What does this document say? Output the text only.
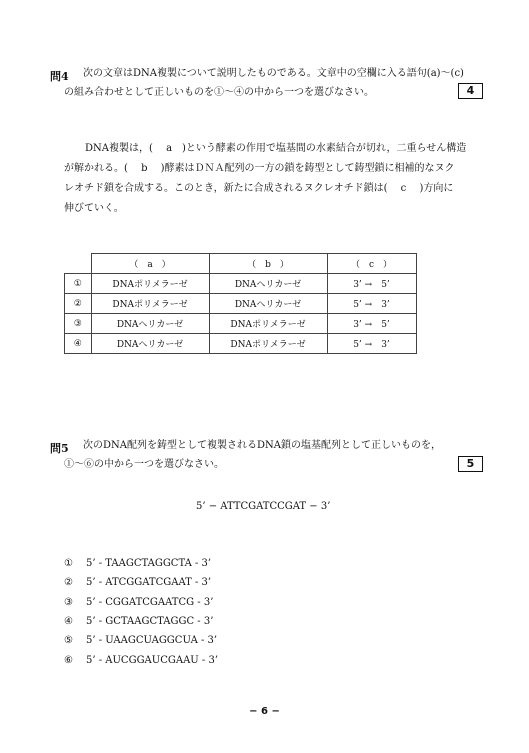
問4 次の文章はDNA複製について説明したものである。文章中の空欄に入る語句(a)〜(c)
の組み合わせとして正しいものを①〜④の中から一つを選びなさい。	4
DNA複製は，(　 a　)という酵素の作用で塩基間の水素結合が切れ，二重らせん構造
が解かれる。(　 b　 )酵素はＤＮＡ配列の一方の鎖を鋳型として鋳型鎖に相補的なヌク
レオチド鎖を合成する。このとき，新たに合成されるヌクレオチド鎖は(　 c　 )方向に
伸びていく。
	（　a　）	（　b　）	（　c　）
①	DNAポリメラーゼ	DNAヘリカーゼ	3’ →　5’
②	DNAポリメラーゼ	DNAヘリカーゼ	5’ →　3’
③	DNAヘリカーゼ	DNAポリメラーゼ	3’ →　5’
④	DNAヘリカーゼ	DNAポリメラーゼ	5’ →　3’
問5 次のDNA配列を鋳型として複製されるDNA鎖の塩基配列として正しいものを，
①〜⑥の中から一つを選びなさい。	5
5’ − ATTCGATCCGAT − 3’
① 5’ - TAAGCTAGGCTA - 3’
② 5’ - ATCGGATCGAAT - 3’
③ 5’ - CGGATCGAATCG - 3’
④ 5’ - GCTAAGCTAGGC - 3’
⑤ 5’ - UAAGCUAGGCUA - 3’
⑥ 5’ - AUCGGAUCGAAU - 3’
− 6 −
